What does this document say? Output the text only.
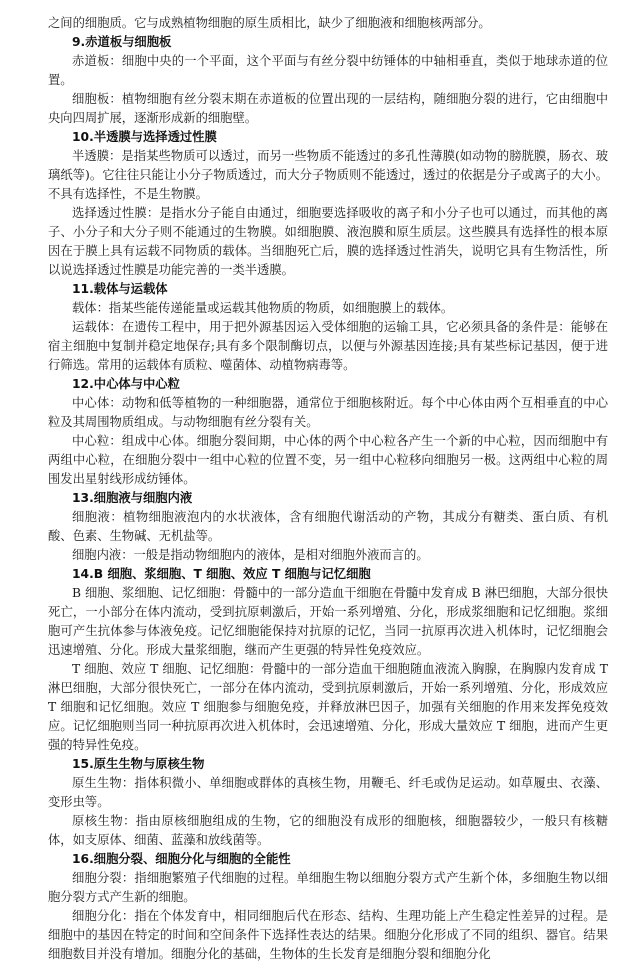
之间的细胞质。它与成熟植物细胞的原生质相比，缺少了细胞液和细胞核两部分。

9.赤道板与细胞板

赤道板：细胞中央的一个平面，这个平面与有丝分裂中纺锤体的中轴相垂直，类似于地球赤道的位置。

细胞板：植物细胞有丝分裂末期在赤道板的位置出现的一层结构，随细胞分裂的进行，它由细胞中央向四周扩展，逐渐形成新的细胞壁。

10.半透膜与选择透过性膜

半透膜：是指某些物质可以透过，而另一些物质不能透过的多孔性薄膜(如动物的膀胱膜，肠衣、玻璃纸等)。它往往只能让小分子物质透过，而大分子物质则不能透过，透过的依据是分子或离子的大小。不具有选择性，不是生物膜。

选择透过性膜：是指水分子能自由通过，细胞要选择吸收的离子和小分子也可以通过，而其他的离子、小分子和大分子则不能通过的生物膜。如细胞膜、液泡膜和原生质层。这些膜具有选择性的根本原因在于膜上具有运载不同物质的载体。当细胞死亡后，膜的选择透过性消失，说明它具有生物活性，所以说选择透过性膜是功能完善的一类半透膜。

11.载体与运载体

载体：指某些能传递能量或运载其他物质的物质，如细胞膜上的载体。

运载体：在遗传工程中，用于把外源基因运入受体细胞的运输工具，它必须具备的条件是：能够在宿主细胞中复制并稳定地保存;具有多个限制酶切点，以便与外源基因连接;具有某些标记基因，便于进行筛选。常用的运载体有质粒、噬菌体、动植物病毒等。

12.中心体与中心粒

中心体：动物和低等植物的一种细胞器，通常位于细胞核附近。每个中心体由两个互相垂直的中心粒及其周围物质组成。与动物细胞有丝分裂有关。

中心粒：组成中心体。细胞分裂间期，中心体的两个中心粒各产生一个新的中心粒，因而细胞中有两组中心粒，在细胞分裂中一组中心粒的位置不变，另一组中心粒移向细胞另一极。这两组中心粒的周围发出星射线形成纺锤体。

13.细胞液与细胞内液

细胞液：植物细胞液泡内的水状液体，含有细胞代谢活动的产物，其成分有糖类、蛋白质、有机酸、色素、生物碱、无机盐等。

细胞内液：一般是指动物细胞内的液体，是相对细胞外液而言的。

14.B 细胞、浆细胞、T 细胞、效应 T 细胞与记忆细胞

B 细胞、浆细胞、记忆细胞：骨髓中的一部分造血干细胞在骨髓中发育成 B 淋巴细胞，大部分很快死亡，一小部分在体内流动，受到抗原刺激后，开始一系列增殖、分化，形成浆细胞和记忆细胞。浆细胞可产生抗体参与体液免疫。记忆细胞能保持对抗原的记忆，当同一抗原再次进入机体时，记忆细胞会迅速增殖、分化。形成大量浆细胞，继而产生更强的特异性免疫效应。

T 细胞、效应 T 细胞、记忆细胞：骨髓中的一部分造血干细胞随血液流入胸腺，在胸腺内发育成 T 淋巴细胞，大部分很快死亡，一部分在体内流动，受到抗原刺激后，开始一系列增殖、分化，形成效应 T 细胞和记忆细胞。效应 T 细胞参与细胞免疫，并释放淋巴因子，加强有关细胞的作用来发挥免疫效应。记忆细胞则当同一种抗原再次进入机体时，会迅速增殖、分化，形成大量效应 T 细胞，进而产生更强的特异性免疫。

15.原生生物与原核生物

原生生物：指体积微小、单细胞或群体的真核生物，用鞭毛、纤毛或伪足运动。如草履虫、衣藻、变形虫等。

原核生物：指由原核细胞组成的生物，它的细胞没有成形的细胞核，细胞器较少，一般只有核糖体，如支原体、细菌、蓝藻和放线菌等。

16.细胞分裂、细胞分化与细胞的全能性

细胞分裂：指细胞繁殖子代细胞的过程。单细胞生物以细胞分裂方式产生新个体，多细胞生物以细胞分裂方式产生新的细胞。

细胞分化：指在个体发育中，相同细胞后代在形态、结构、生理功能上产生稳定性差异的过程。是细胞中的基因在特定的时间和空间条件下选择性表达的结果。细胞分化形成了不同的组织、器官。结果细胞数目并没有增加。细胞分化的基础，生物体的生长发育是细胞分裂和细胞分化
